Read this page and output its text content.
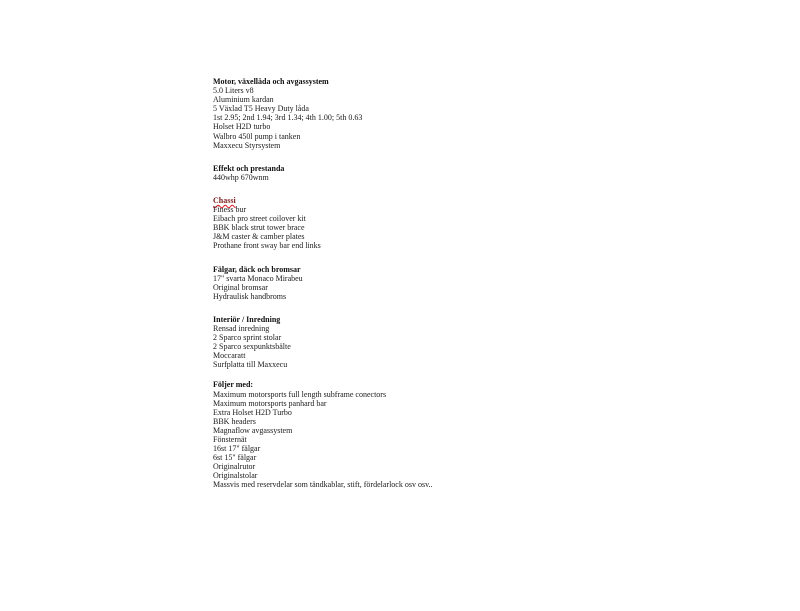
Motor, växellåda och avgassystem
5.0 Liters v8
Aluminium kardan
5 Växlad T5 Heavy Duty låda
1st 2.95; 2nd 1.94; 3rd 1.34; 4th 1.00; 5th 0.63
Holset H2D turbo
Walbro 450l pump i tanken
Maxxecu Styrsystem
Effekt och prestanda
440whp 670wnm
Chassi
Finess bur
Eibach pro street coilover kit
BBK black strut tower brace
J&M caster & camber plates
Prothane front sway bar end links
Fälgar, däck och bromsar
17" svarta Monaco Mirabeu
Original bromsar
Hydraulisk handbroms
Interiör / Inredning
Rensad inredning
2 Sparco sprint stolar
2 Sparco sexpunktsbälte
Moccaratt
Surfplatta till Maxxecu
Följer med:
Maximum motorsports full length subframe conectors
Maximum motorsports panhard bar
Extra Holset H2D Turbo
BBK headers
Magnaflow avgassystem
Fönsternät
16st 17" fälgar
6st 15" fälgar
Originalrutor
Originalstolar
Massvis med reservdelar som tändkablar, stift, fördelarlock osv osv..
